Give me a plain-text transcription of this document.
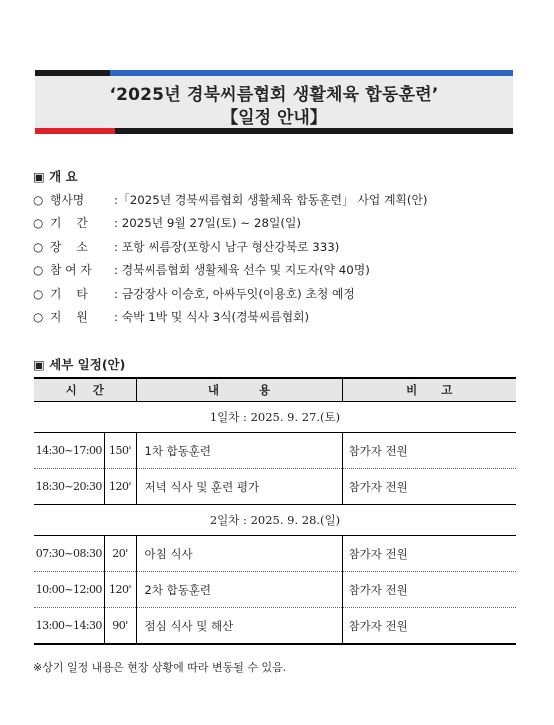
‘2025년 경북씨름협회 생활체육 합동훈련’
【일정 안내】
▣ 개 요
○ 행사명	:「2025년 경북씨름협회 생활체육 합동훈련」 사업 계획(안)
○ 기    간 : 2025년 9월 27일(토) ~ 28일(일)
○ 장    소 : 포항 씨름장(포항시 남구 형산강북로 333)
○ 참 여 자 : 경북씨름협회 생활체육 선수 및 지도자(약 40명)
○ 기    타 : 금강장사 이승호, 아싸두잇(이용호) 초청 예정
○ 지    원 : 숙박 1박 및 식사 3식(경북씨름협회)
▣ 세부 일정(안)
시    간		내          용	비      고
1일차 : 2025. 9. 27.(토)			
14:30~17:00	150'	1차 합동훈련	참가자 전원
18:30~20:30	120'	저녁 식사 및 훈련 평가	참가자 전원
2일차 : 2025. 9. 28.(일)			
07:30~08:30	20'	아침 식사	참가자 전원
10:00~12:00	120'	2차 합동훈련	참가자 전원
13:00~14:30	90'	점심 식사 및 해산	참가자 전원
※상기 일정 내용은 현장 상황에 따라 변동될 수 있음.
